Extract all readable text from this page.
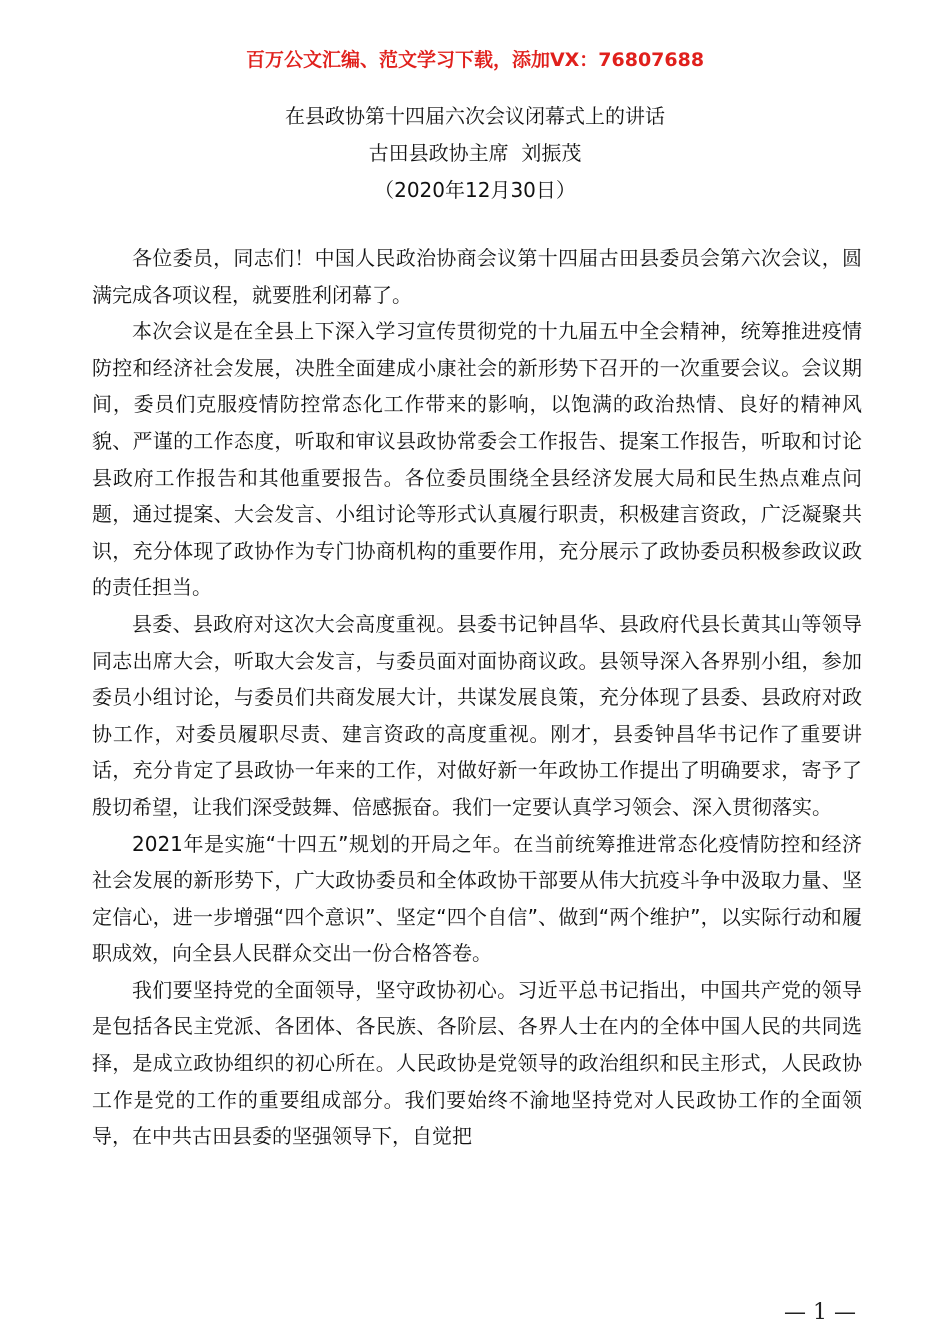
百万公文汇编、范文学习下载，添加VX：76807688
在县政协第十四届六次会议闭幕式上的讲话
古田县政协主席  刘振茂
（2020年12月30日）

各位委员，同志们！中国人民政治协商会议第十四届古田县委员会第六次会议，圆满完成各项议程，就要胜利闭幕了。

本次会议是在全县上下深入学习宣传贯彻党的十九届五中全会精神，统筹推进疫情防控和经济社会发展，决胜全面建成小康社会的新形势下召开的一次重要会议。会议期间，委员们克服疫情防控常态化工作带来的影响，以饱满的政治热情、良好的精神风貌、严谨的工作态度，听取和审议县政协常委会工作报告、提案工作报告，听取和讨论县政府工作报告和其他重要报告。各位委员围绕全县经济发展大局和民生热点难点问题，通过提案、大会发言、小组讨论等形式认真履行职责，积极建言资政，广泛凝聚共识，充分体现了政协作为专门协商机构的重要作用，充分展示了政协委员积极参政议政的责任担当。

县委、县政府对这次大会高度重视。县委书记钟昌华、县政府代县长黄其山等领导同志出席大会，听取大会发言，与委员面对面协商议政。县领导深入各界别小组，参加委员小组讨论，与委员们共商发展大计，共谋发展良策，充分体现了县委、县政府对政协工作，对委员履职尽责、建言资政的高度重视。刚才，县委钟昌华书记作了重要讲话，充分肯定了县政协一年来的工作，对做好新一年政协工作提出了明确要求，寄予了殷切希望，让我们深受鼓舞、倍感振奋。我们一定要认真学习领会、深入贯彻落实。

2021年是实施“十四五”规划的开局之年。在当前统筹推进常态化疫情防控和经济社会发展的新形势下，广大政协委员和全体政协干部要从伟大抗疫斗争中汲取力量、坚定信心，进一步增强“四个意识”、坚定“四个自信”、做到“两个维护”，以实际行动和履职成效，向全县人民群众交出一份合格答卷。

我们要坚持党的全面领导，坚守政协初心。习近平总书记指出，中国共产党的领导是包括各民主党派、各团体、各民族、各阶层、各界人士在内的全体中国人民的共同选择，是成立政协组织的初心所在。人民政协是党领导的政治组织和民主形式，人民政协工作是党的工作的重要组成部分。我们要始终不渝地坚持党对人民政协工作的全面领导，在中共古田县委的坚强领导下，自觉把

— 1 —
